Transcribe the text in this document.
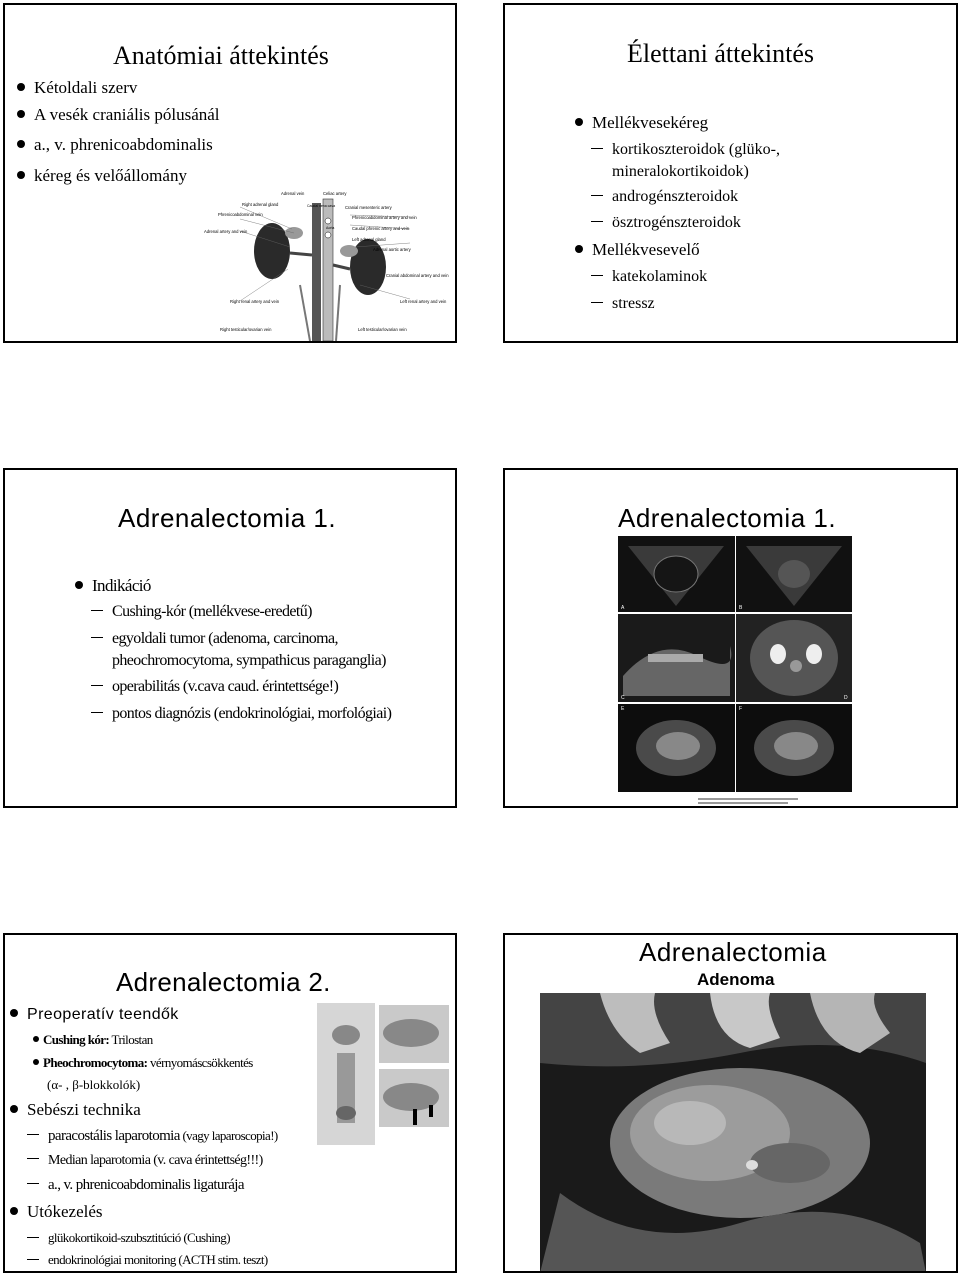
Anatómiai áttekintés
Kétoldali szerv
A vesék craniális pólusánál
a., v. phrenicoabdominalis
kéreg és velőállomány
Adrenal vein	Celiac artery
Right adrenal gland
Cranial mesenteric artery
Phrenicoabdominal vein
Caudal vena cava
Aorta
Phrenicoabdominal artery and vein
Adrenal artery and vein
Caudal phrenic artery and vein
Left adrenal gland
Adrenal aortic artery
Cranial abdominal artery and vein
Right renal artery and vein	Left renal artery and vein
Right testicular/ovarian vein	Left testicular/ovarian vein
Élettani áttekintés
Mellékvesekéreg
kortikoszteroidok (glükо-,
mineralokortikoidok)
androgénszteroidok
ösztrogénszteroidok
Mellékvesevelő
katekolaminok
stressz
Adrenalectomia 1.
Indikáció
Cushing-kór (mellékvese-eredetű)
egyoldali tumor (adenoma, carcinoma,
pheochromocytoma, sympathicus paraganglia)
operabilitás (v.cava caud. érintettsége!)
pontos diagnózis (endokrinológiai, morfológiai)
Adrenalectomia 1.
A	B
C	D
E	F
Adrenalectomia 2.
Preoperatív teendők
Cushing kór: Trilostan
Pheochromocytoma: vérnyomáscsökkentés
(α- , β-blokkolók)
Sebészi technika
paracostális laparotomia (vagy laparoscopia!)
Median laparotomia (v. cava érintettség!!!)
a., v. phrenicoabdominalis ligaturája
Utókezelés
glükokortikoid-szubsztitúció (Cushing)
endokrinológiai monitoring (ACTH stim. teszt)
Adrenalectomia
Adenoma
